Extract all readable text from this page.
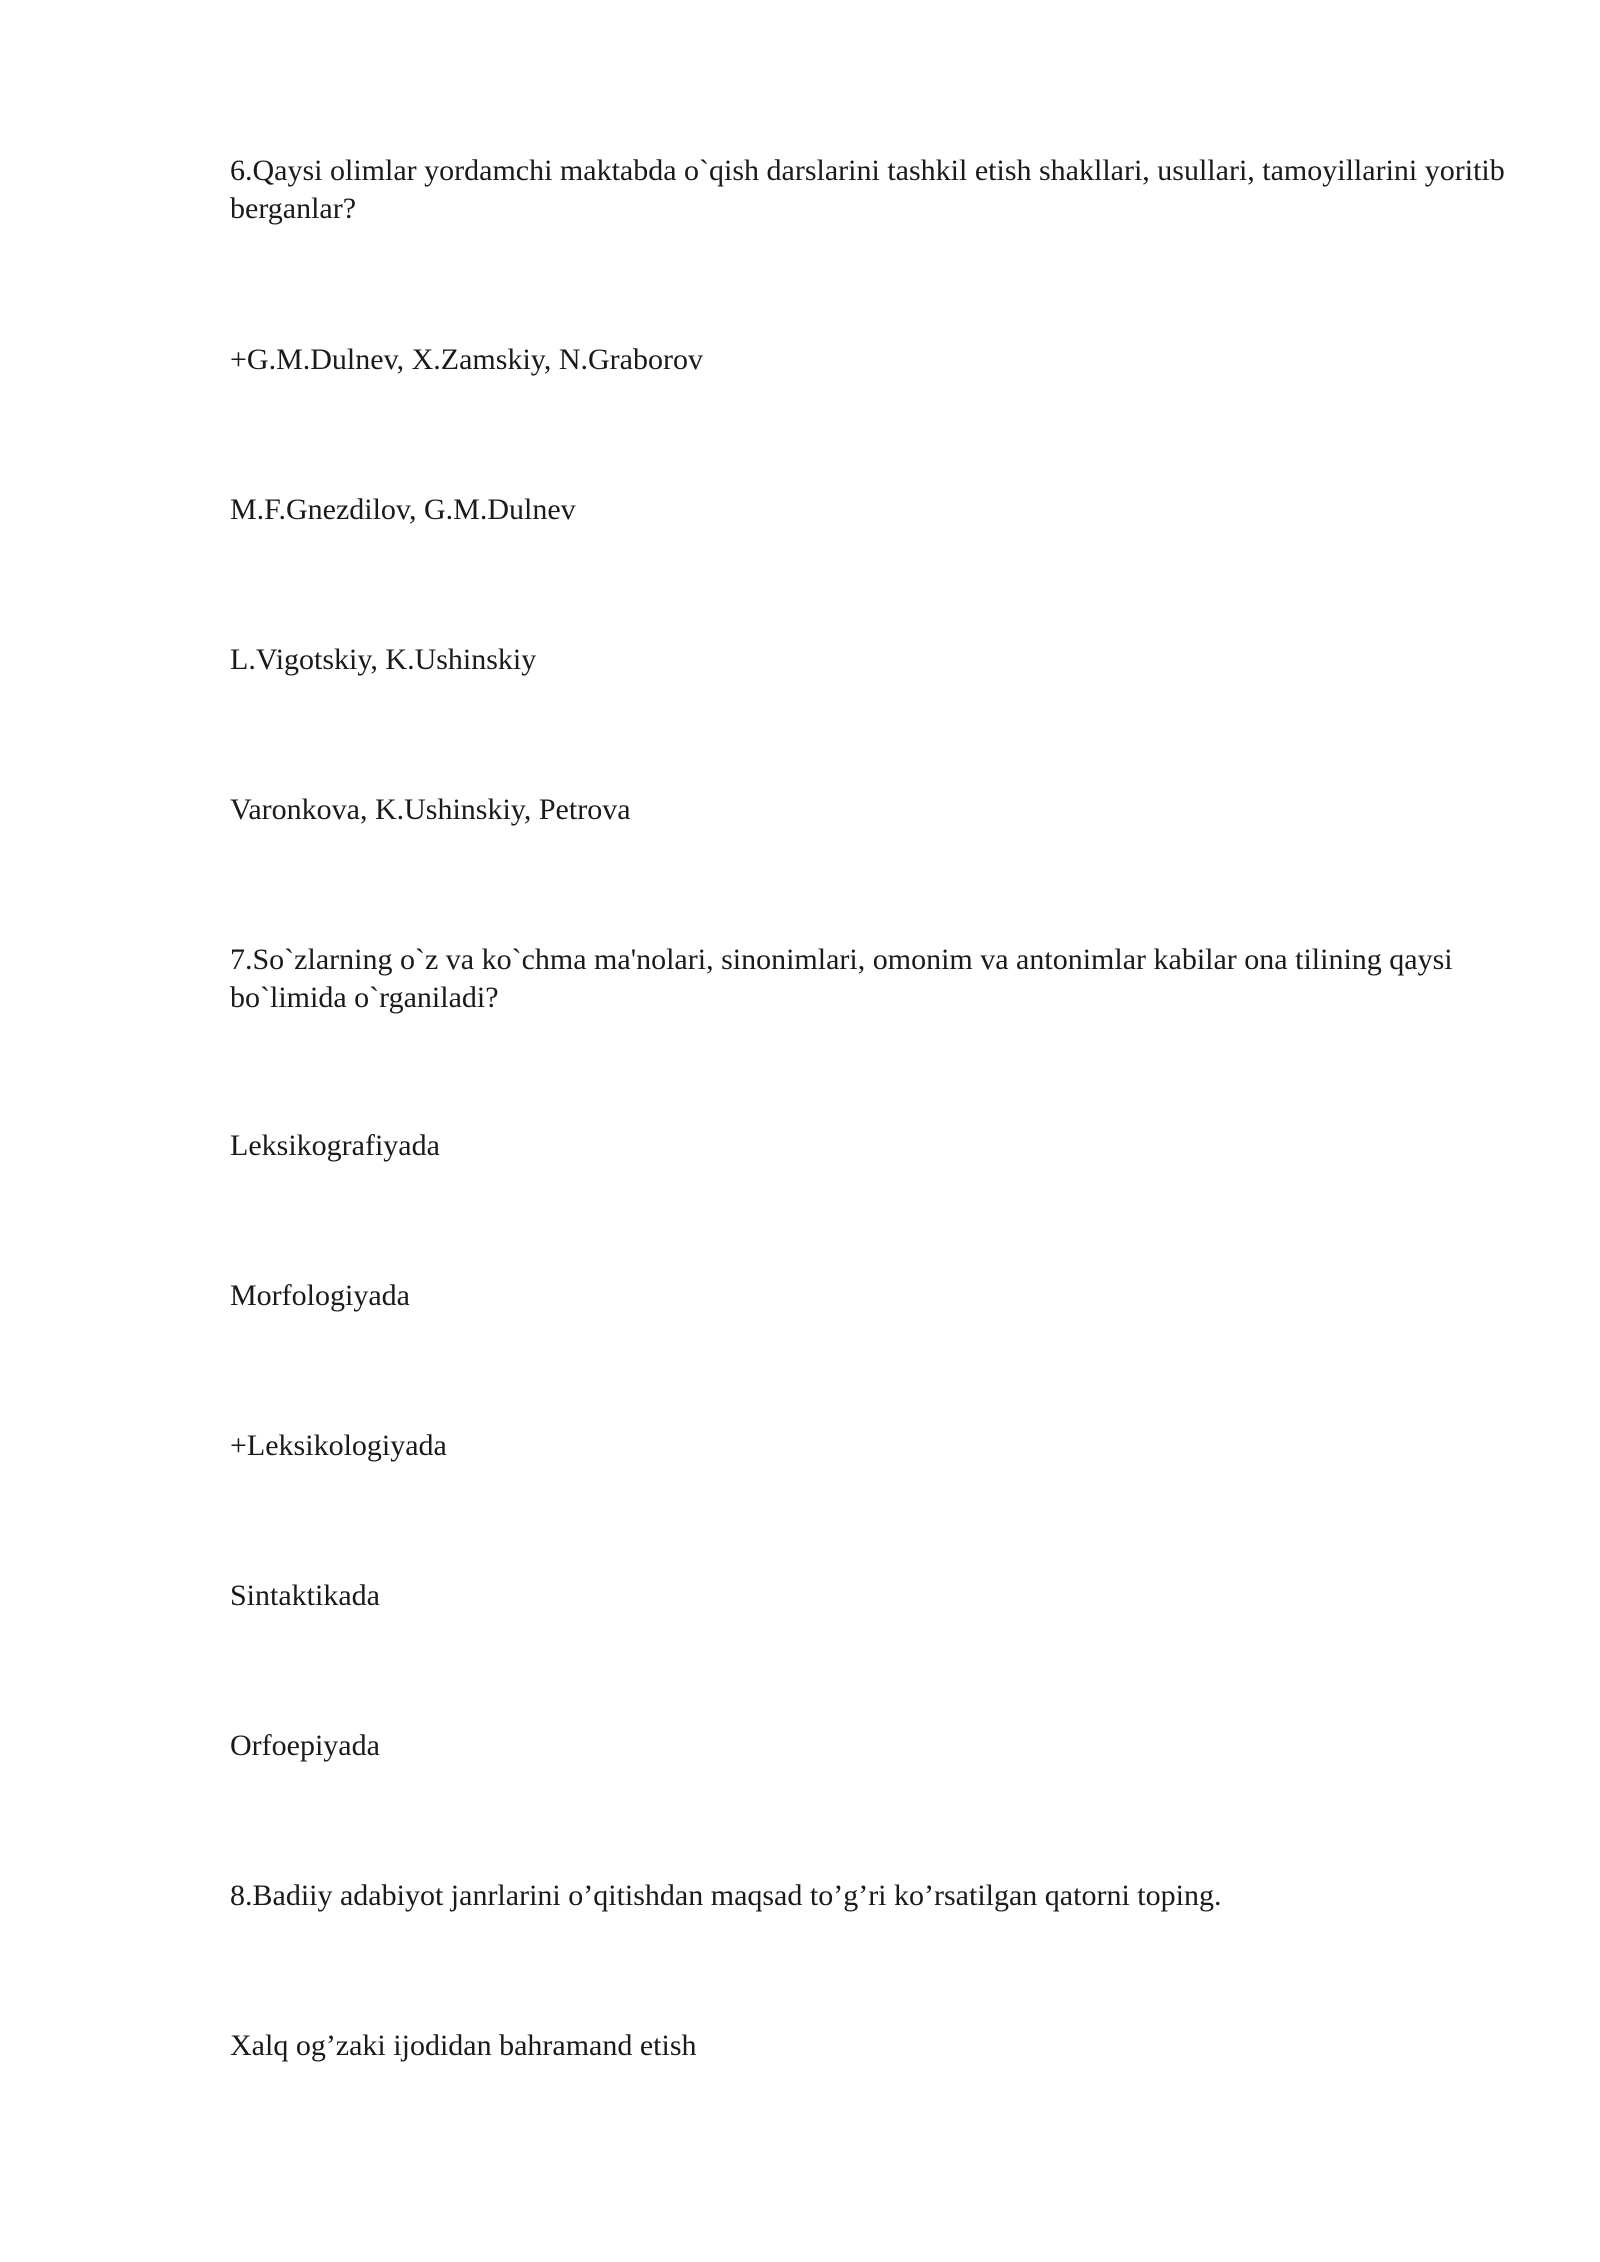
6.Qaysi olimlar yordamchi maktabda o`qish darslarini tashkil etish shakllari, usullari, tamoyillarini yoritib berganlar?

+G.M.Dulnev, X.Zamskiy, N.Graborov

M.F.Gnezdilov, G.M.Dulnev

L.Vigotskiy, K.Ushinskiy

Varonkova, K.Ushinskiy, Petrova

7.So`zlarning o`z va ko`chma ma'nolari, sinonimlari, omonim va antonimlar kabilar ona tilining qaysi bo`limida o`rganiladi?

Leksikografiyada

Morfologiyada

+Leksikologiyada

Sintaktikada

Orfoepiyada

8.Badiiy adabiyot janrlarini o’qitishdan maqsad to’g’ri ko’rsatilgan qatorni toping.

Xalq og’zaki ijodidan bahramand etish
